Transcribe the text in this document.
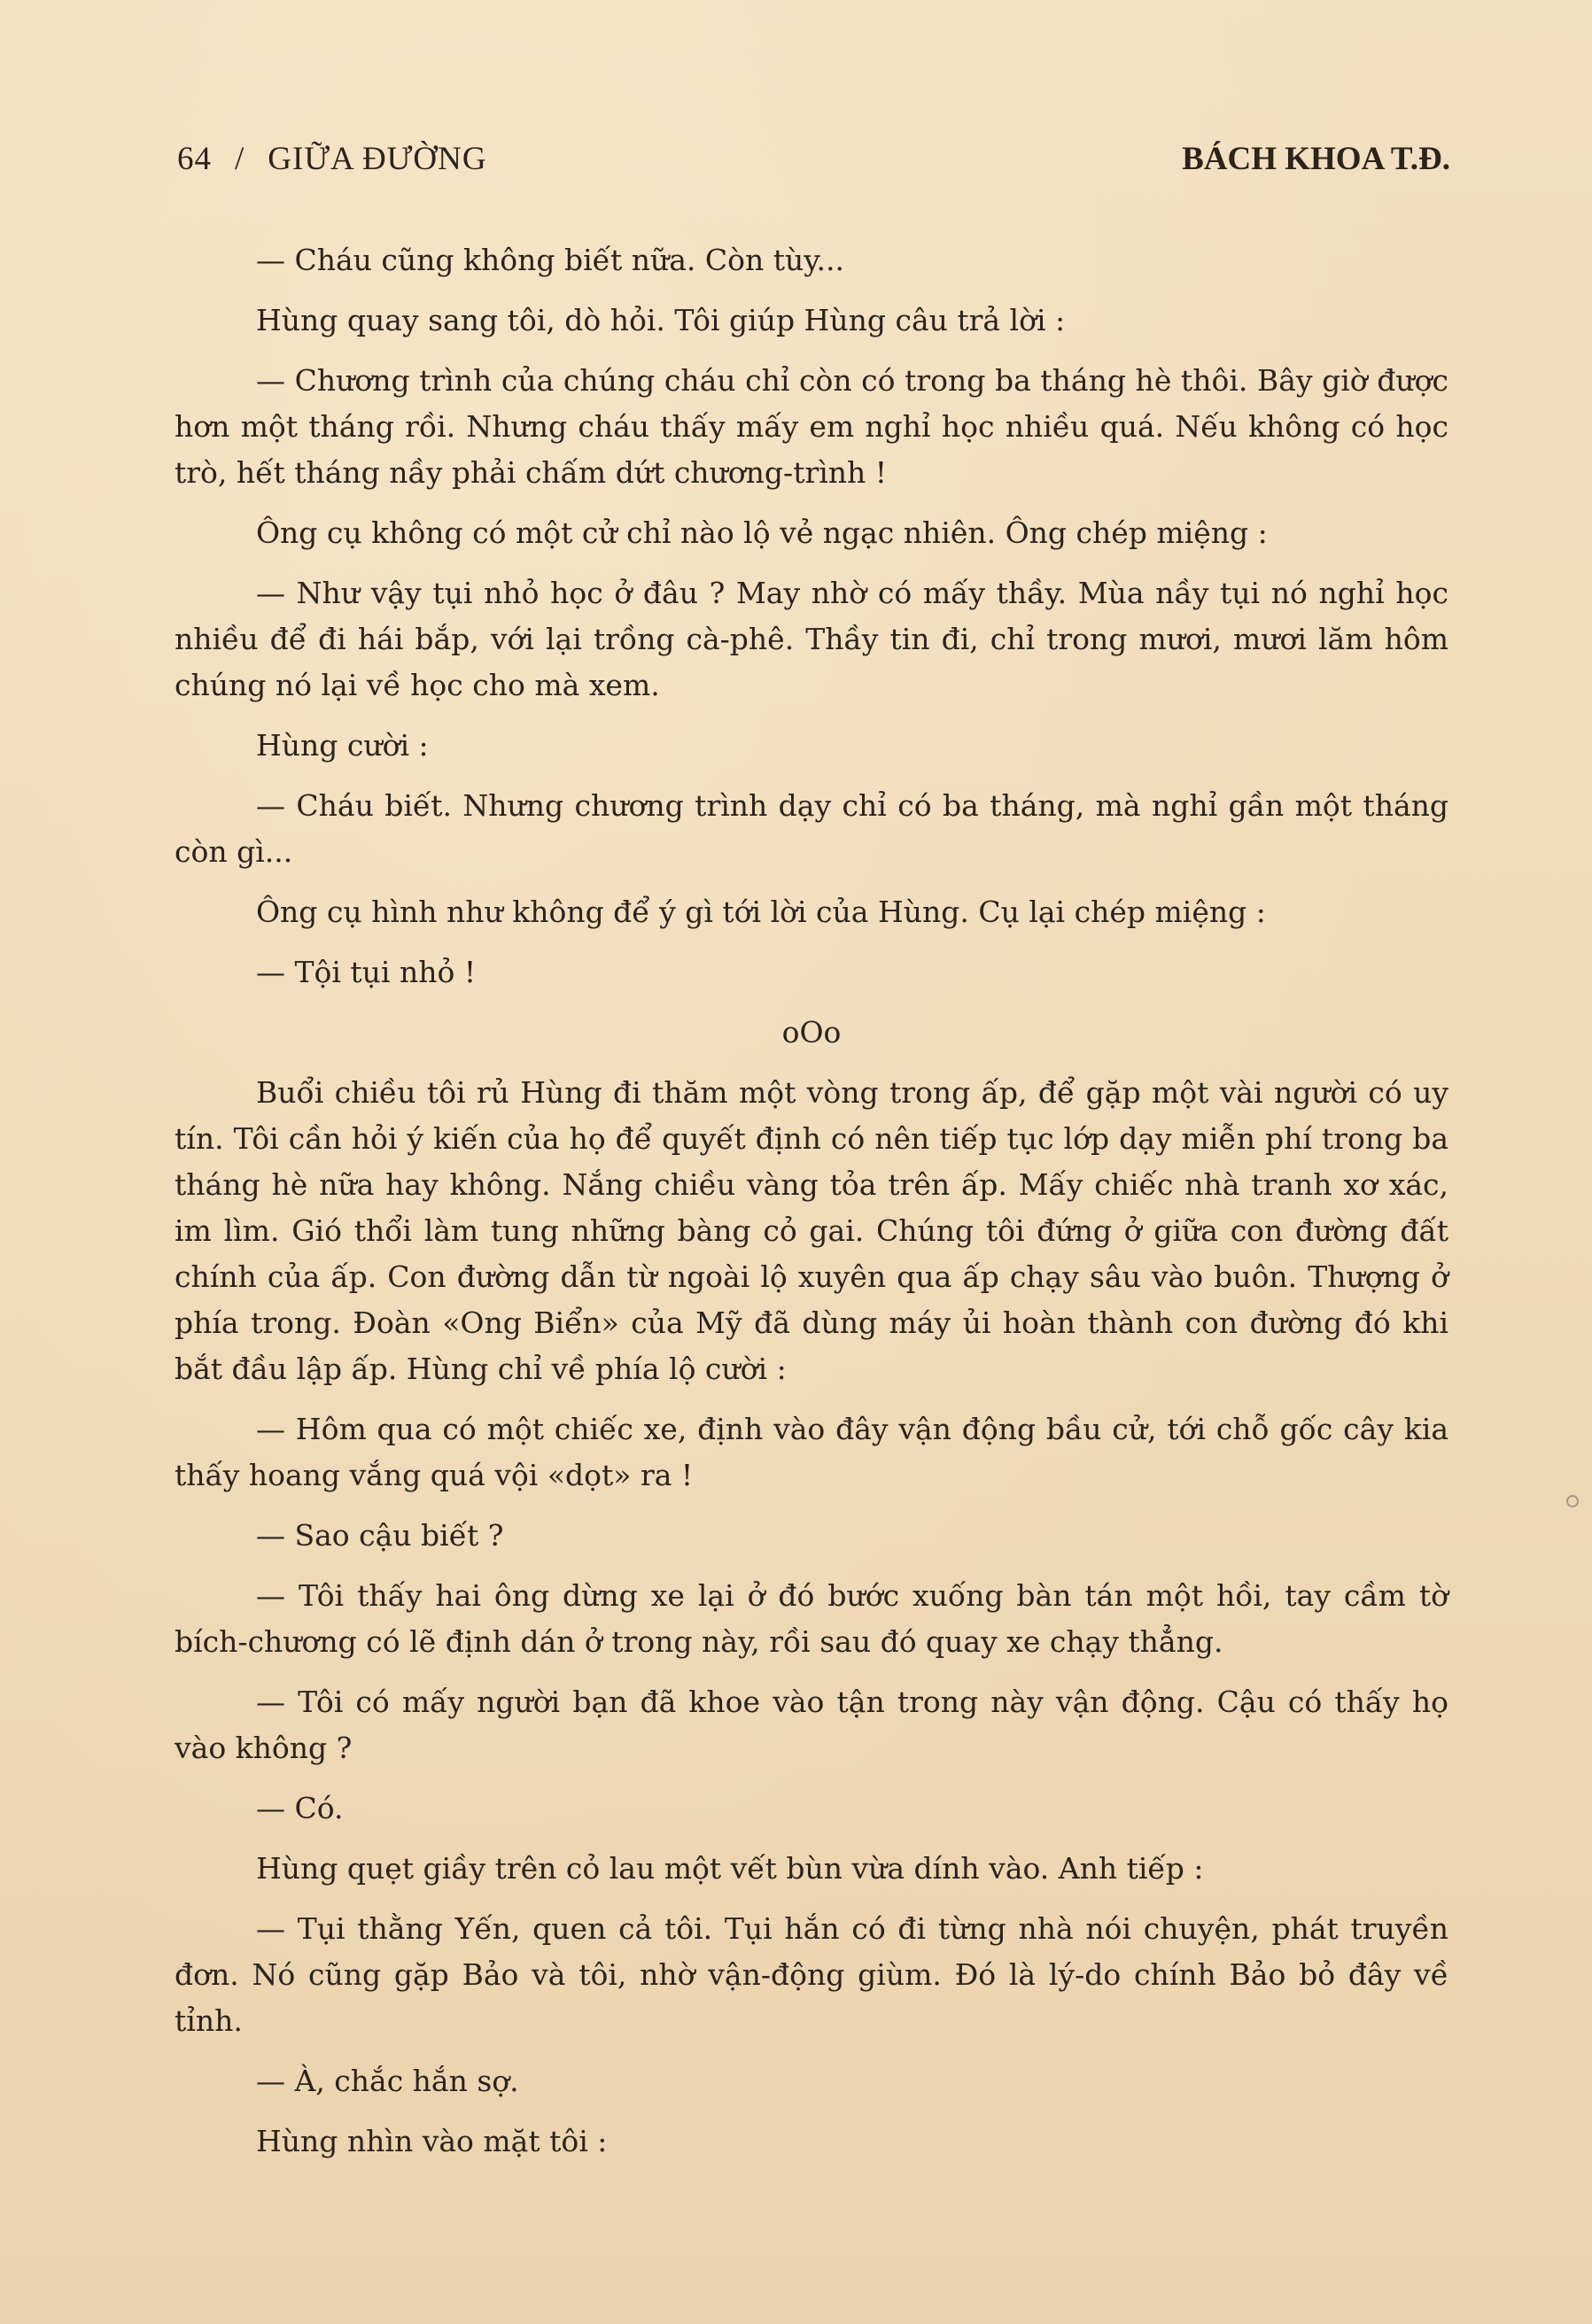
64 / GIỮA ĐƯỜNG	BÁCH KHOA T.Đ.

— Cháu cũng không biết nữa. Còn tùy...

Hùng quay sang tôi, dò hỏi. Tôi giúp Hùng câu trả lời :

— Chương trình của chúng cháu chỉ còn có trong ba tháng hè thôi. Bây giờ được hơn một tháng rồi. Nhưng cháu thấy mấy em nghỉ học nhiều quá. Nếu không có học trò, hết tháng nầy phải chấm dứt chương-trình !

Ông cụ không có một cử chỉ nào lộ vẻ ngạc nhiên. Ông chép miệng :

— Như vậy tụi nhỏ học ở đâu ? May nhờ có mấy thầy. Mùa nầy tụi nó nghỉ học nhiều để đi hái bắp, với lại trồng cà-phê. Thầy tin đi, chỉ trong mươi, mươi lăm hôm chúng nó lại về học cho mà xem.

Hùng cười :

— Cháu biết. Nhưng chương trình dạy chỉ có ba tháng, mà nghỉ gần một tháng còn gì...

Ông cụ hình như không để ý gì tới lời của Hùng. Cụ lại chép miệng :

— Tội tụi nhỏ !

oOo

Buổi chiều tôi rủ Hùng đi thăm một vòng trong ấp, để gặp một vài người có uy tín. Tôi cần hỏi ý kiến của họ để quyết định có nên tiếp tục lớp dạy miễn phí trong ba tháng hè nữa hay không. Nắng chiều vàng tỏa trên ấp. Mấy chiếc nhà tranh xơ xác, im lìm. Gió thổi làm tung những bàng cỏ gai. Chúng tôi đứng ở giữa con đường đất chính của ấp. Con đường dẫn từ ngoài lộ xuyên qua ấp chạy sâu vào buôn. Thượng ở phía trong. Đoàn «Ong Biển» của Mỹ đã dùng máy ủi hoàn thành con đường đó khi bắt đầu lập ấp. Hùng chỉ về phía lộ cười :

— Hôm qua có một chiếc xe, định vào đây vận động bầu cử, tới chỗ gốc cây kia thấy hoang vắng quá vội «dọt» ra !

— Sao cậu biết ?

— Tôi thấy hai ông dừng xe lại ở đó bước xuống bàn tán một hồi, tay cầm tờ bích-chương có lẽ định dán ở trong này, rồi sau đó quay xe chạy thẳng.

— Tôi có mấy người bạn đã khoe vào tận trong này vận động. Cậu có thấy họ vào không ?

— Có.

Hùng quẹt giầy trên cỏ lau một vết bùn vừa dính vào. Anh tiếp :

— Tụi thằng Yến, quen cả tôi. Tụi hắn có đi từng nhà nói chuyện, phát truyền đơn. Nó cũng gặp Bảo và tôi, nhờ vận-động giùm. Đó là lý-do chính Bảo bỏ đây về tỉnh.

— À, chắc hắn sợ.

Hùng nhìn vào mặt tôi :
